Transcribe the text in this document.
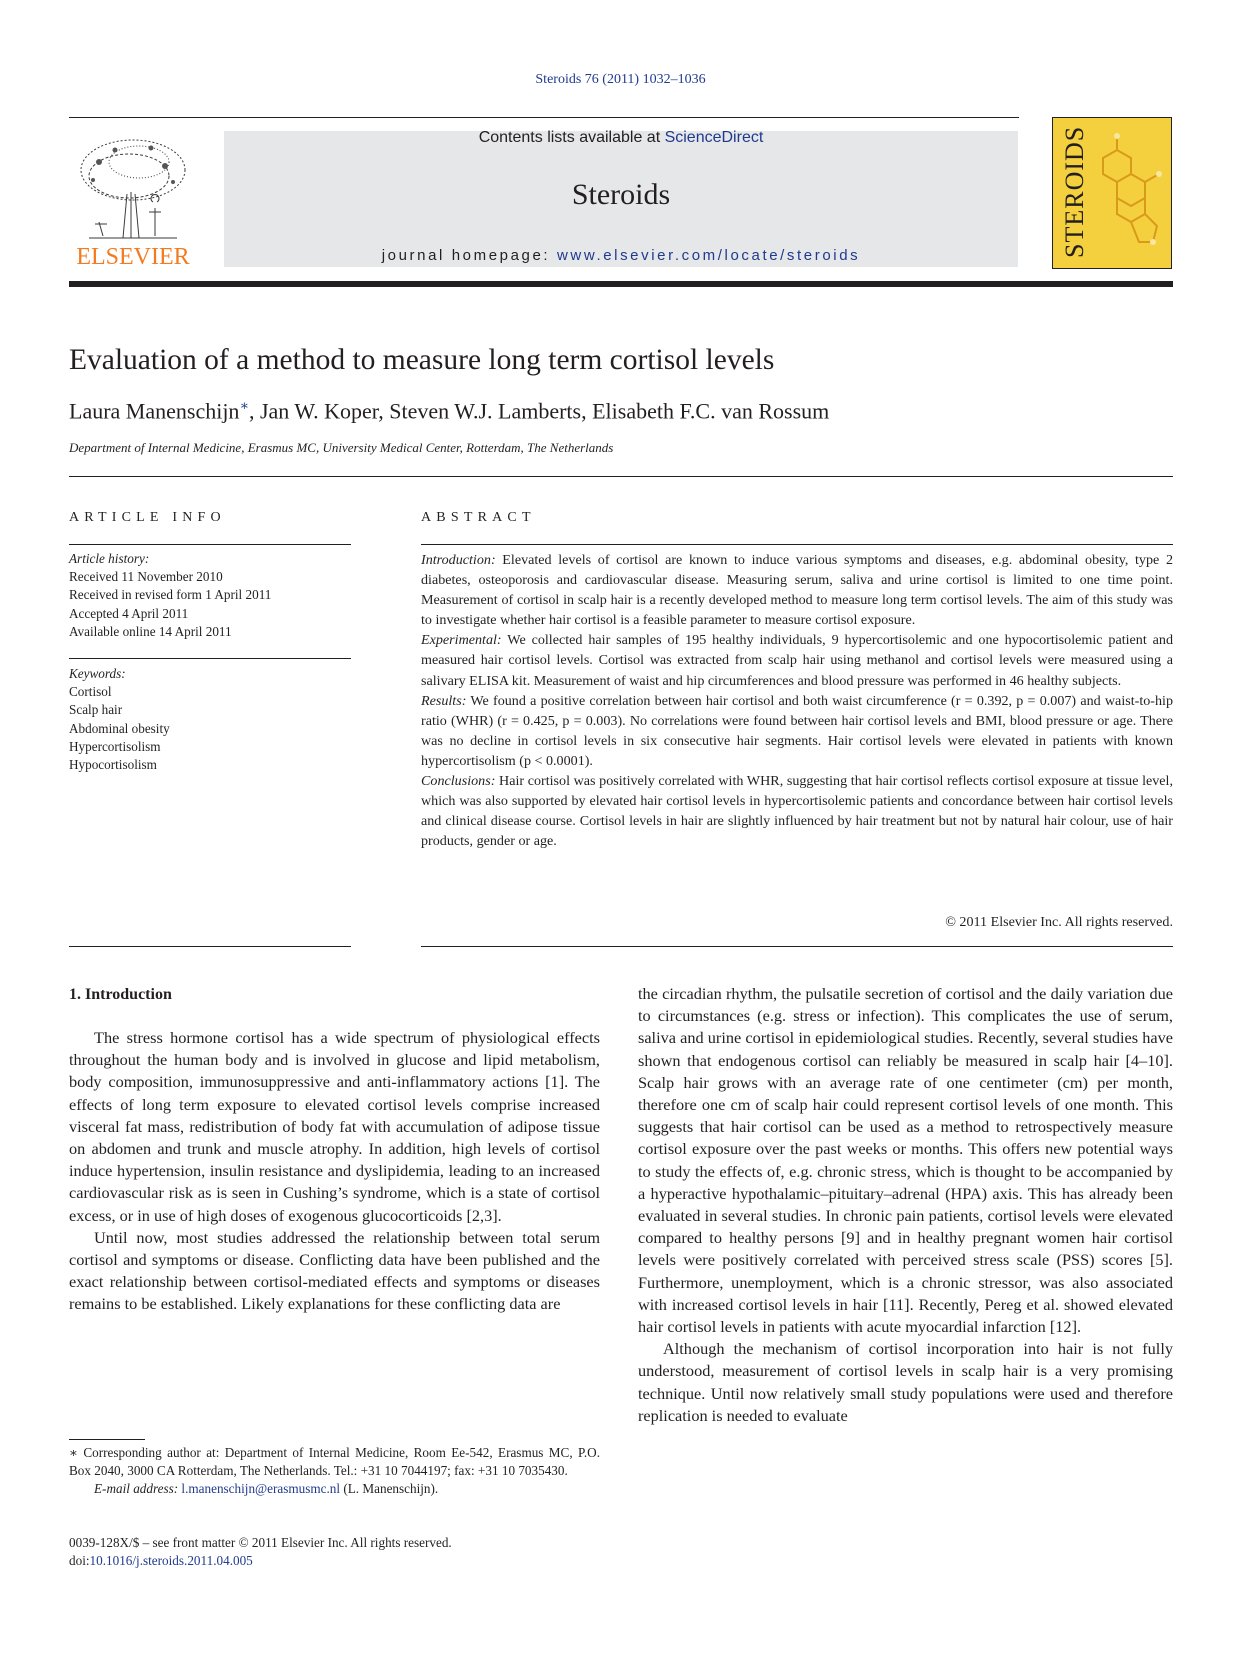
Steroids 76 (2011) 1032–1036
ELSEVIER
Contents lists available at ScienceDirect
Steroids
journal homepage: www.elsevier.com/locate/steroids	STEROIDS
Evaluation of a method to measure long term cortisol levels
Laura Manenschijn∗, Jan W. Koper, Steven W.J. Lamberts, Elisabeth F.C. van Rossum
Department of Internal Medicine, Erasmus MC, University Medical Center, Rotterdam, The Netherlands
ARTICLE INFO	ABSTRACT
Article history:
Received 11 November 2010
Received in revised form 1 April 2011
Accepted 4 April 2011
Available online 14 April 2011
Keywords:
Cortisol
Scalp hair
Abdominal obesity
Hypercortisolism
Hypocortisolism

Introduction: Elevated levels of cortisol are known to induce various symptoms and diseases, e.g. abdominal obesity, type 2 diabetes, osteoporosis and cardiovascular disease. Measuring serum, saliva and urine cortisol is limited to one time point. Measurement of cortisol in scalp hair is a recently developed method to measure long term cortisol levels. The aim of this study was to investigate whether hair cortisol is a feasible parameter to measure cortisol exposure.

Experimental: We collected hair samples of 195 healthy individuals, 9 hypercortisolemic and one hypocortisolemic patient and measured hair cortisol levels. Cortisol was extracted from scalp hair using methanol and cortisol levels were measured using a salivary ELISA kit. Measurement of waist and hip circumferences and blood pressure was performed in 46 healthy subjects.

Results: We found a positive correlation between hair cortisol and both waist circumference (r = 0.392, p = 0.007) and waist-to-hip ratio (WHR) (r = 0.425, p = 0.003). No correlations were found between hair cortisol levels and BMI, blood pressure or age. There was no decline in cortisol levels in six consecutive hair segments. Hair cortisol levels were elevated in patients with known hypercortisolism (p < 0.0001).

Conclusions: Hair cortisol was positively correlated with WHR, suggesting that hair cortisol reflects cortisol exposure at tissue level, which was also supported by elevated hair cortisol levels in hypercortisolemic patients and concordance between hair cortisol levels and clinical disease course. Cortisol levels in hair are slightly influenced by hair treatment but not by natural hair colour, use of hair products, gender or age.

© 2011 Elsevier Inc. All rights reserved.
1. Introduction

The stress hormone cortisol has a wide spectrum of physiological effects throughout the human body and is involved in glucose and lipid metabolism, body composition, immunosuppressive and anti-inflammatory actions [1]. The effects of long term exposure to elevated cortisol levels comprise increased visceral fat mass, redistribution of body fat with accumulation of adipose tissue on abdomen and trunk and muscle atrophy. In addition, high levels of cortisol induce hypertension, insulin resistance and dyslipidemia, leading to an increased cardiovascular risk as is seen in Cushing’s syndrome, which is a state of cortisol excess, or in use of high doses of exogenous glucocorticoids [2,3].

Until now, most studies addressed the relationship between total serum cortisol and symptoms or disease. Conflicting data have been published and the exact relationship between cortisol-mediated effects and symptoms or diseases remains to be established. Likely explanations for these conflicting data are

the circadian rhythm, the pulsatile secretion of cortisol and the daily variation due to circumstances (e.g. stress or infection). This complicates the use of serum, saliva and urine cortisol in epidemiological studies. Recently, several studies have shown that endogenous cortisol can reliably be measured in scalp hair [4–10]. Scalp hair grows with an average rate of one centimeter (cm) per month, therefore one cm of scalp hair could represent cortisol levels of one month. This suggests that hair cortisol can be used as a method to retrospectively measure cortisol exposure over the past weeks or months. This offers new potential ways to study the effects of, e.g. chronic stress, which is thought to be accompanied by a hyperactive hypothalamic–pituitary–adrenal (HPA) axis. This has already been evaluated in several studies. In chronic pain patients, cortisol levels were elevated compared to healthy persons [9] and in healthy pregnant women hair cortisol levels were positively correlated with perceived stress scale (PSS) scores [5]. Furthermore, unemployment, which is a chronic stressor, was also associated with increased cortisol levels in hair [11]. Recently, Pereg et al. showed elevated hair cortisol levels in patients with acute myocardial infarction [12].

Although the mechanism of cortisol incorporation into hair is not fully understood, measurement of cortisol levels in scalp hair is a very promising technique. Until now relatively small study populations were used and therefore replication is needed to evaluate

∗ Corresponding author at: Department of Internal Medicine, Room Ee-542, Erasmus MC, P.O. Box 2040, 3000 CA Rotterdam, The Netherlands. Tel.: +31 10 7044197; fax: +31 10 7035430.

E-mail address: l.manenschijn@erasmusmc.nl (L. Manenschijn).

0039-128X/$ – see front matter © 2011 Elsevier Inc. All rights reserved.
doi:10.1016/j.steroids.2011.04.005
